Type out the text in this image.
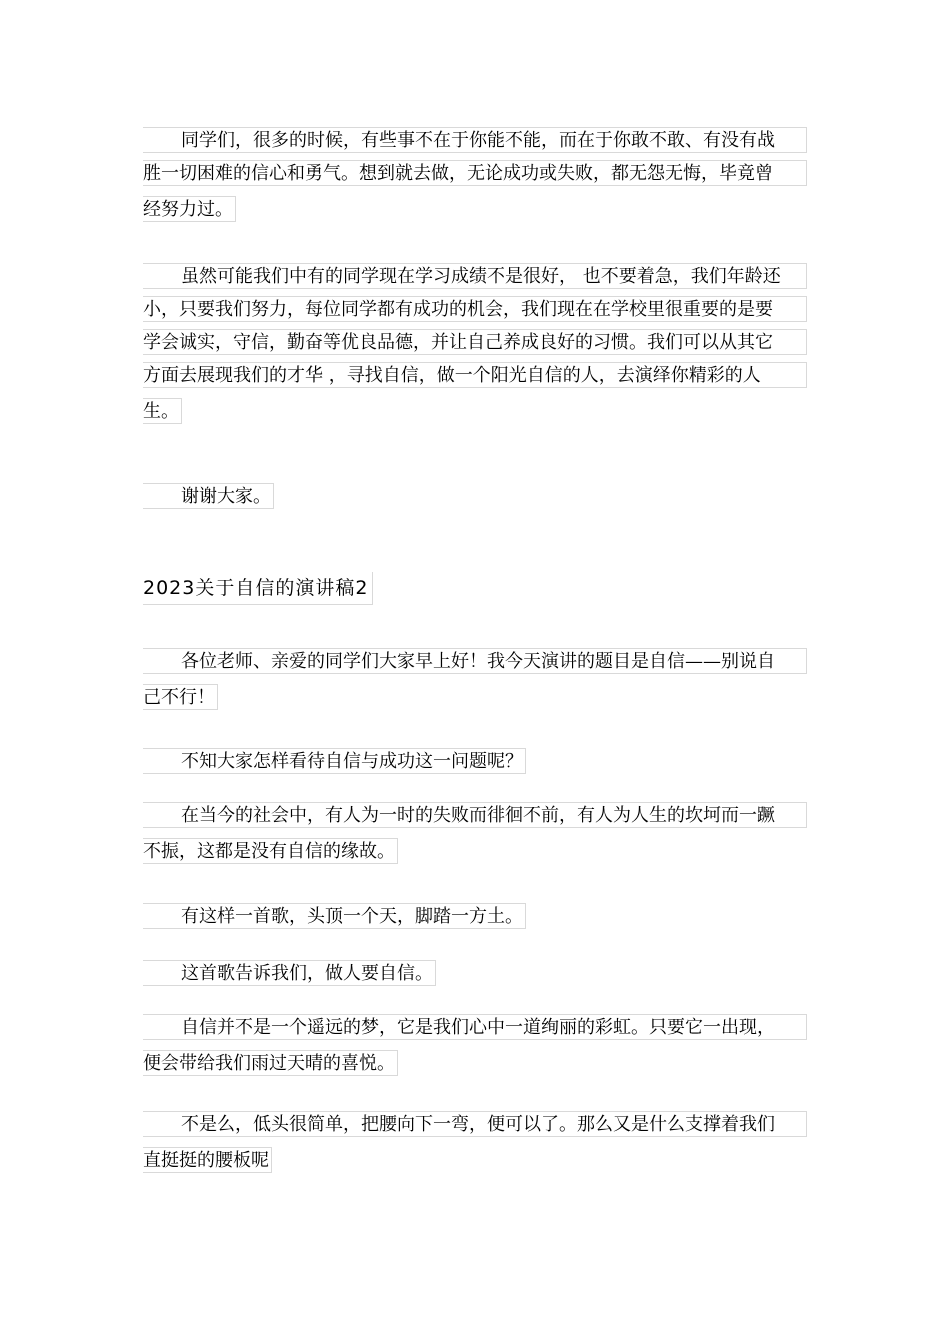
同学们，很多的时候，有些事不在于你能不能，而在于你敢不敢、有没有战
胜一切困难的信心和勇气。想到就去做，无论成功或失败，都无怨无悔，毕竟曾
经努力过。
虽然可能我们中有的同学现在学习成绩不是很好， 也不要着急，我们年龄还
小，只要我们努力，每位同学都有成功的机会，我们现在在学校里很重要的是要
学会诚实，守信，勤奋等优良品德，并让自己养成良好的习惯。我们可以从其它
方面去展现我们的才华 ，寻找自信，做一个阳光自信的人，去演绎你精彩的人
生。
谢谢大家。
2023关于自信的演讲稿2
各位老师、亲爱的同学们大家早上好！我今天演讲的题目是自信——别说自
己不行！
不知大家怎样看待自信与成功这一问题呢？
在当今的社会中，有人为一时的失败而徘徊不前，有人为人生的坎坷而一蹶
不振，这都是没有自信的缘故。
有这样一首歌，头顶一个天，脚踏一方土。
这首歌告诉我们，做人要自信。
自信并不是一个遥远的梦，它是我们心中一道绚丽的彩虹。只要它一出现，
便会带给我们雨过天晴的喜悦。
不是么，低头很简单，把腰向下一弯，便可以了。那么又是什么支撑着我们
直挺挺的腰板呢
